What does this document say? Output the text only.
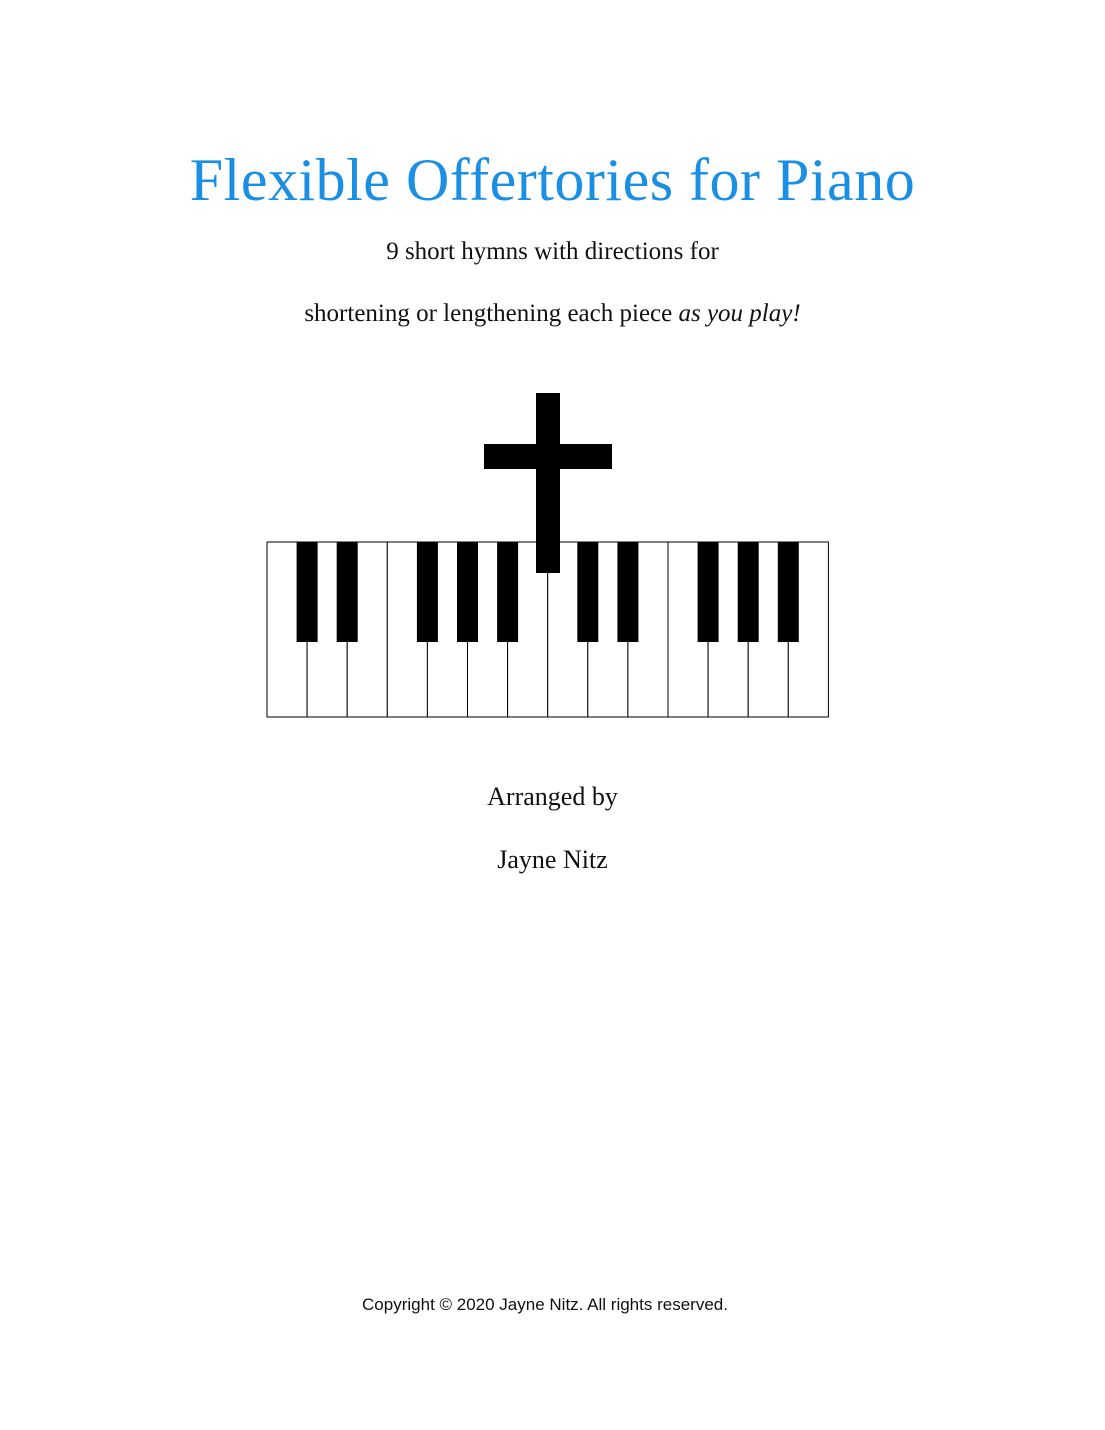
Flexible Offertories for Piano
9 short hymns with directions for
shortening or lengthening each piece as you play!
Arranged by
Jayne Nitz
Copyright © 2020 Jayne Nitz. All rights reserved.
